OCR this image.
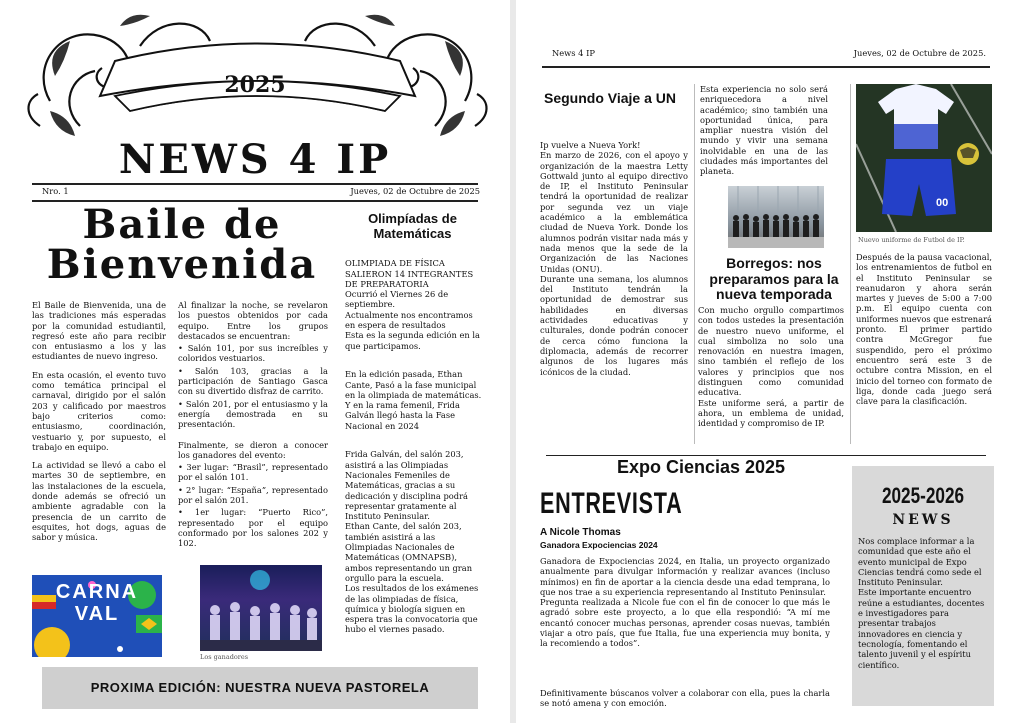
2025
NEWS 4 IP
Nro. 1	Jueves, 02 de Octubre de 2025
Baile de
Bienvenida

El Baile de Bienvenida, una de las tradiciones más esperadas por la comunidad estudiantil, regresó este año para recibir con entusiasmo a los y las estudiantes de nuevo ingreso.

En esta ocasión, el evento tuvo como temática principal el carnaval, dirigido por el salón 203 y calificado por maestros bajo criterios como: entusiasmo, coordinación, vestuario y, por supuesto, el trabajo en equipo.

La actividad se llevó a cabo el martes 30 de septiembre, en las instalaciones de la escuela, donde además se ofreció un ambiente agradable con la presencia de un carrito de esquites, hot dogs, aguas de sabor y música.

CARNAVAL

Al finalizar la noche, se revelaron los puestos obtenidos por cada equipo. Entre los grupos destacados se encuentran:

• Salón 101, por sus increíbles y coloridos vestuarios.
• Salón 103, gracias a la participación de Santiago Gasca con su divertido disfraz de carrito.
• Salón 201, por el entusiasmo y la energía demostrada en su presentación.

Finalmente, se dieron a conocer los ganadores del evento:

• 3er lugar: “Brasil”, representado por el salón 101.
• 2° lugar: “España”, representado por el salón 201.
• 1er lugar: “Puerto Rico”, representado por el equipo conformado por los salones 202 y 102.
Los ganadores
Olimpíadas de
Matemáticas

OLIMPIADA DE FÍSICA
SALIERON 14 INTEGRANTES DE PREPARATORIA
Ocurrió el Viernes 26 de septiembre.
Actualmente nos encontramos en espera de resultados
Esta es la segunda edición en la que participamos.

En la edición pasada, Ethan Cante, Pasó a la fase municipal en la olimpiada de matemáticas.
Y en la rama femenil, Frida Galván llegó hasta la Fase Nacional en 2024

Frida Galván, del salón 203, asistirá a las Olimpiadas Nacionales Femeniles de Matemáticas, gracias a su dedicación y disciplina podrá representar gratamente al Instituto Peninsular.
Ethan Cante, del salón 203, también asistirá a las Olimpiadas Nacionales de Matemáticas (OMNAPSB), ambos representando un gran orgullo para la escuela.
Los resultados de los exámenes de las olimpiadas de física, química y biología siguen en espera tras la convocatoria que hubo el viernes pasado.

PROXIMA EDICIÓN: NUESTRA NUEVA PASTORELA
News 4 IP	Jueves, 02 de Octubre de 2025.
Segundo Viaje a UN
Ip vuelve a Nueva York!
En marzo de 2026, con el apoyo y organización de la maestra Letty Gottwald junto al equipo directivo de IP, el Instituto Peninsular tendrá la oportunidad de realizar por segunda vez un viaje académico a la emblemática ciudad de Nueva York. Donde los alumnos podrán visitar nada más y nada menos que la sede de la Organización de las Naciones Unidas (ONU).
Durante una semana, los alumnos del Instituto tendrán la oportunidad de demostrar sus habilidades en diversas actividades educativas y culturales, donde podrán conocer de cerca cómo funciona la diplomacia, además de recorrer algunos de los lugares más icónicos de la ciudad.
Esta experiencia no solo será enriquecedora a nivel académico; sino también una oportunidad única, para ampliar nuestra visión del mundo y vivir una semana inolvidable en una de las ciudades más importantes del planeta.
Borregos: nos preparamos para la nueva temporada
Con mucho orgullo compartimos con todos ustedes la presentación de nuestro nuevo uniforme, el cual simboliza no solo una renovación en nuestra imagen, sino también el reflejo de los valores y principios que nos distinguen como comunidad educativa.
Este uniforme será, a partir de ahora, un emblema de unidad, identidad y compromiso de IP.
00
Nuevo uniforme de Futbol de IP.
Después de la pausa vacacional, los entrenamientos de futbol en el Instituto Peninsular se reanudaron y ahora serán martes y jueves de 5:00 a 7:00 p.m. El equipo cuenta con uniformes nuevos que estrenará pronto. El primer partido contra McGregor fue suspendido, pero el próximo encuentro será este 3 de octubre contra Mission, en el inicio del torneo con formato de liga, donde cada juego será clave para la clasificación.
Expo Ciencias 2025
ENTREVISTA
A Nicole Thomas
Ganadora Expociencias 2024
Ganadora de Expociencias 2024, en Italia, un proyecto organizado anualmente para divulgar información y realizar avances (incluso mínimos) en fin de aportar a la ciencia desde una edad temprana, lo que nos trae a su experiencia representando al Instituto Peninsular.
Pregunta realizada a Nicole fue con el fin de conocer lo que más le agradó sobre este proyecto, a lo que ella respondió: “A mí me encantó conocer muchas personas, aprender cosas nuevas, también viajar a otro país, que fue Italia, fue una experiencia muy bonita, y la recomiendo a todos”.
Definitivamente búscanos volver a colaborar con ella, pues la charla se notó amena y con emoción.
2025-2026
NEWS
Nos complace informar a la comunidad que este año el evento municipal de Expo Ciencias tendrá como sede el Instituto Peninsular.
Este importante encuentro reúne a estudiantes, docentes e investigadores para presentar trabajos innovadores en ciencia y tecnología, fomentando el talento juvenil y el espíritu científico.
